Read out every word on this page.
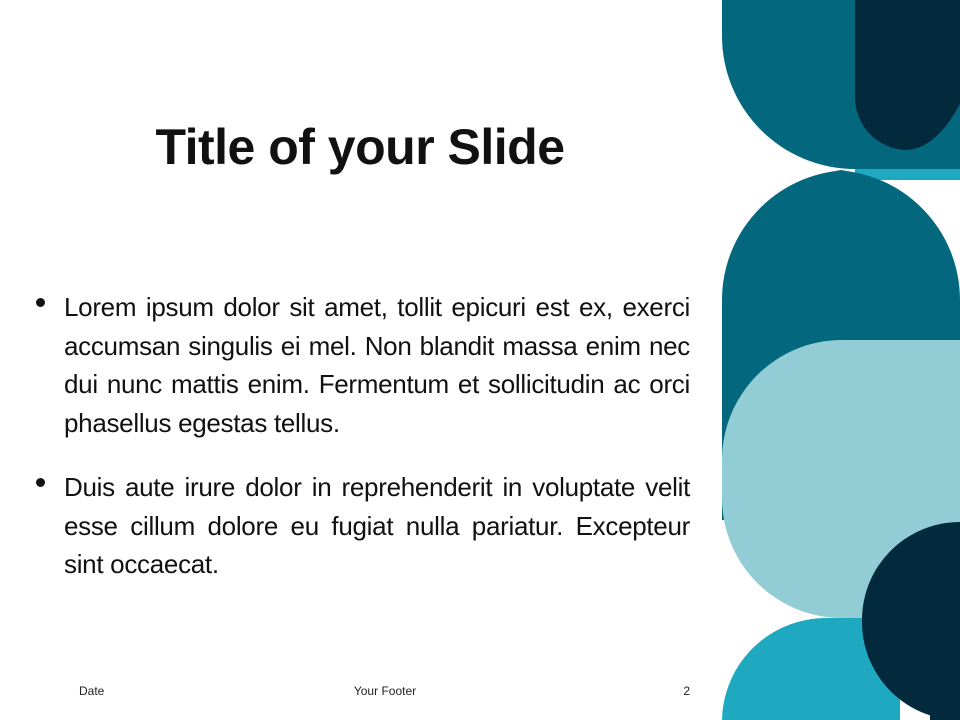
Title of your Slide
Lorem ipsum dolor sit amet, tollit epicuri est ex, exerci accumsan singulis ei mel. Non blandit massa enim nec dui nunc mattis enim. Fermentum et sollicitudin ac orci phasellus egestas tellus.
Duis aute irure dolor in reprehenderit in voluptate velit esse cillum dolore eu fugiat nulla pariatur. Excepteur sint occaecat.
Date	Your Footer	2
